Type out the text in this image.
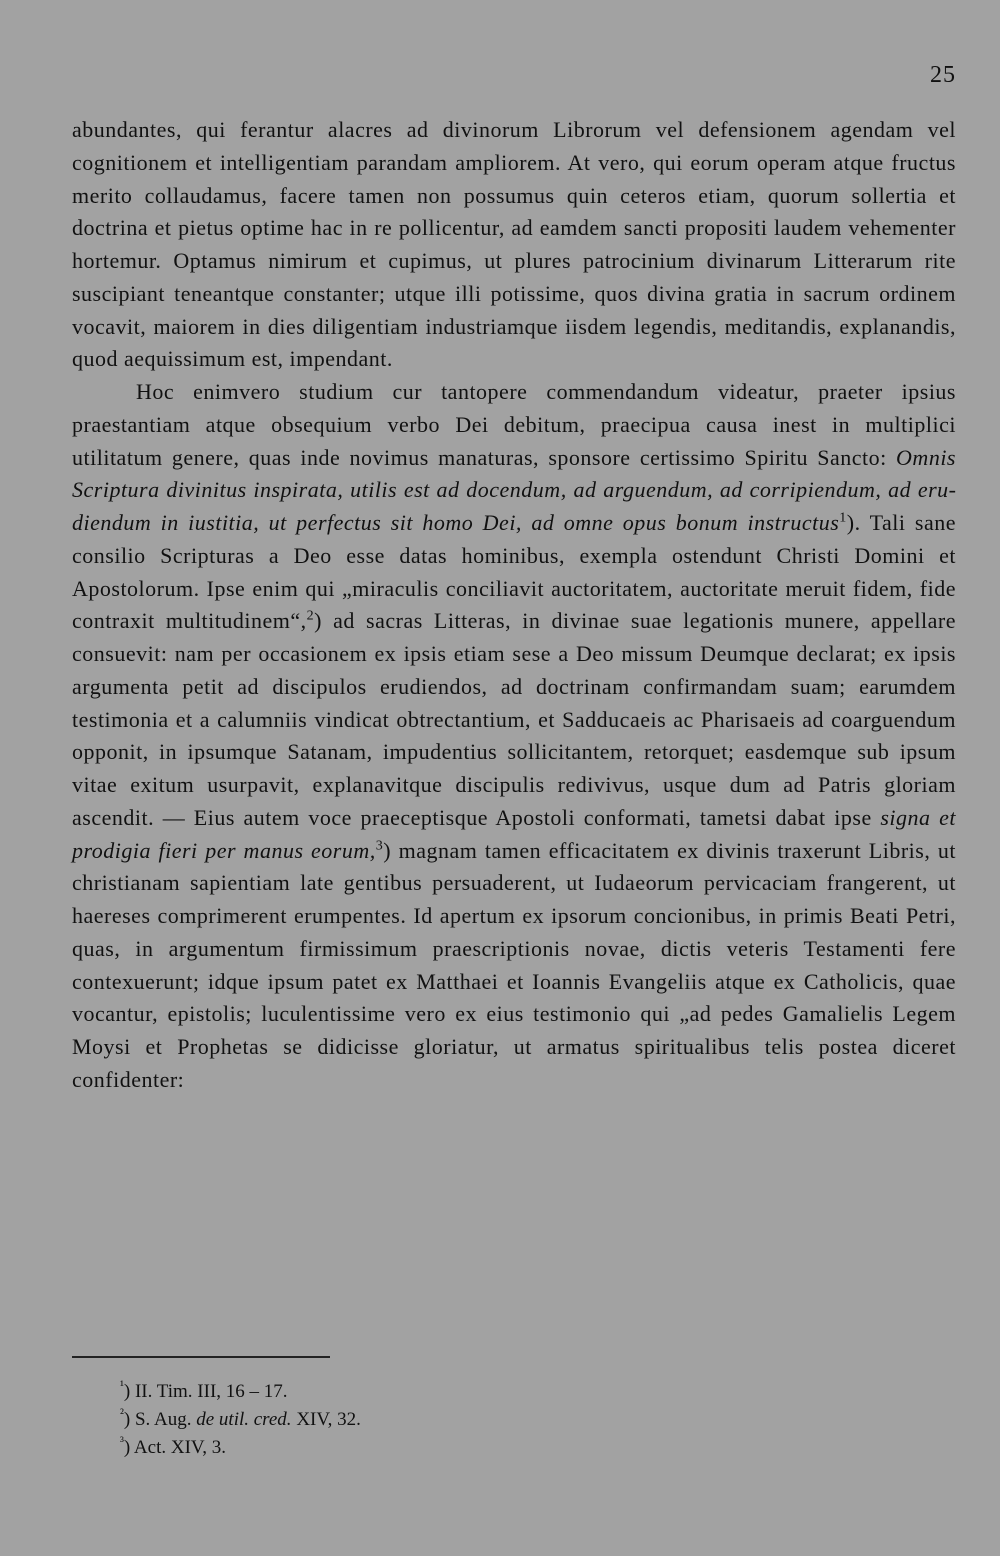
25

abundantes, qui ferantur alacres ad divinorum Librorum vel defensionem agendam vel cognitionem et intelligentiam parandam ampliorem. At vero, qui eorum operam atque fructus merito collaudamus, facere tamen non possumus quin ceteros etiam, quorum sollertia et doctrina et pietus optime hac in re pollicentur, ad eamdem sancti propositi laudem vehementer hortemur. Optamus nimirum et cupimus, ut plures patrocinium divinarum Litterarum rite suscipiant teneantque constanter; utque illi potissime, quos divina gratia in sacrum ordinem vocavit, maiorem in dies diligentiam industriamque iisdem legendis, meditandis, explanandis, quod aequissimum est, impendant.

Hoc enimvero studium cur tantopere commendandum videatur, praeter ipsius praestantiam atque obsequium verbo Dei debitum, praecipua causa inest in multiplici utilitatum genere, quas inde novimus manaturas, sponsore certissimo Spiritu Sancto: Omnis Scriptura divinitus inspirata, utilis est ad docendum, ad arguendum, ad corripiendum, ad erudiendum in iustitia, ut perfectus sit homo Dei, ad omne opus bonum instructus$^1$). Tali sane consilio Scripturas a Deo esse datas hominibus, exempla ostendunt Christi Domini et Apostolorum. Ipse enim qui „miraculis conciliavit auctoritatem, auctoritate meruit fidem, fide contraxit multitudinem“,$^2$) ad sacras Litteras, in divinae suae legationis munere, appellare consuevit: nam per occasionem ex ipsis etiam sese a Deo missum Deumque declarat; ex ipsis argumenta petit ad discipulos erudiendos, ad doctrinam confirmandam suam; earumdem testimonia et a calumniis vindicat obtrectantium, et Sadducaeis ac Pharisaeis ad coarguendum opponit, in ipsumque Satanam, impudentius sollicitantem, retorquet; easdemque sub ipsum vitae exitum usurpavit, explanavitque discipulis redivivus, usque dum ad Patris gloriam ascendit. — Eius autem voce praeceptisque Apostoli conformati, tametsi dabat ipse signa et prodigia fieri per manus eorum,$^3$) magnam tamen efficacitatem ex divinis traxerunt Libris, ut christianam sapientiam late gentibus persuaderent, ut Iudaeorum pervicaciam frangerent, ut haereses comprimerent erumpentes. Id apertum ex ipsorum concionibus, in primis Beati Petri, quas, in argumentum firmissimum praescriptionis novae, dictis veteris Testamenti fere contexuerunt; idque ipsum patet ex Matthaei et Ioannis Evangeliis atque ex Catholicis, quae vocantur, epistolis; luculentissime vero ex eius testimonio qui „ad pedes Gamalielis Legem Moysi et Prophetas se didicisse gloriatur, ut armatus spiritualibus telis postea diceret confidenter:

$^{^1}$) II. Tim. III, 16 – 17.

$^{^2}$) S. Aug. de util. cred. XIV, 32.

$^{^3}$) Act. XIV, 3.
